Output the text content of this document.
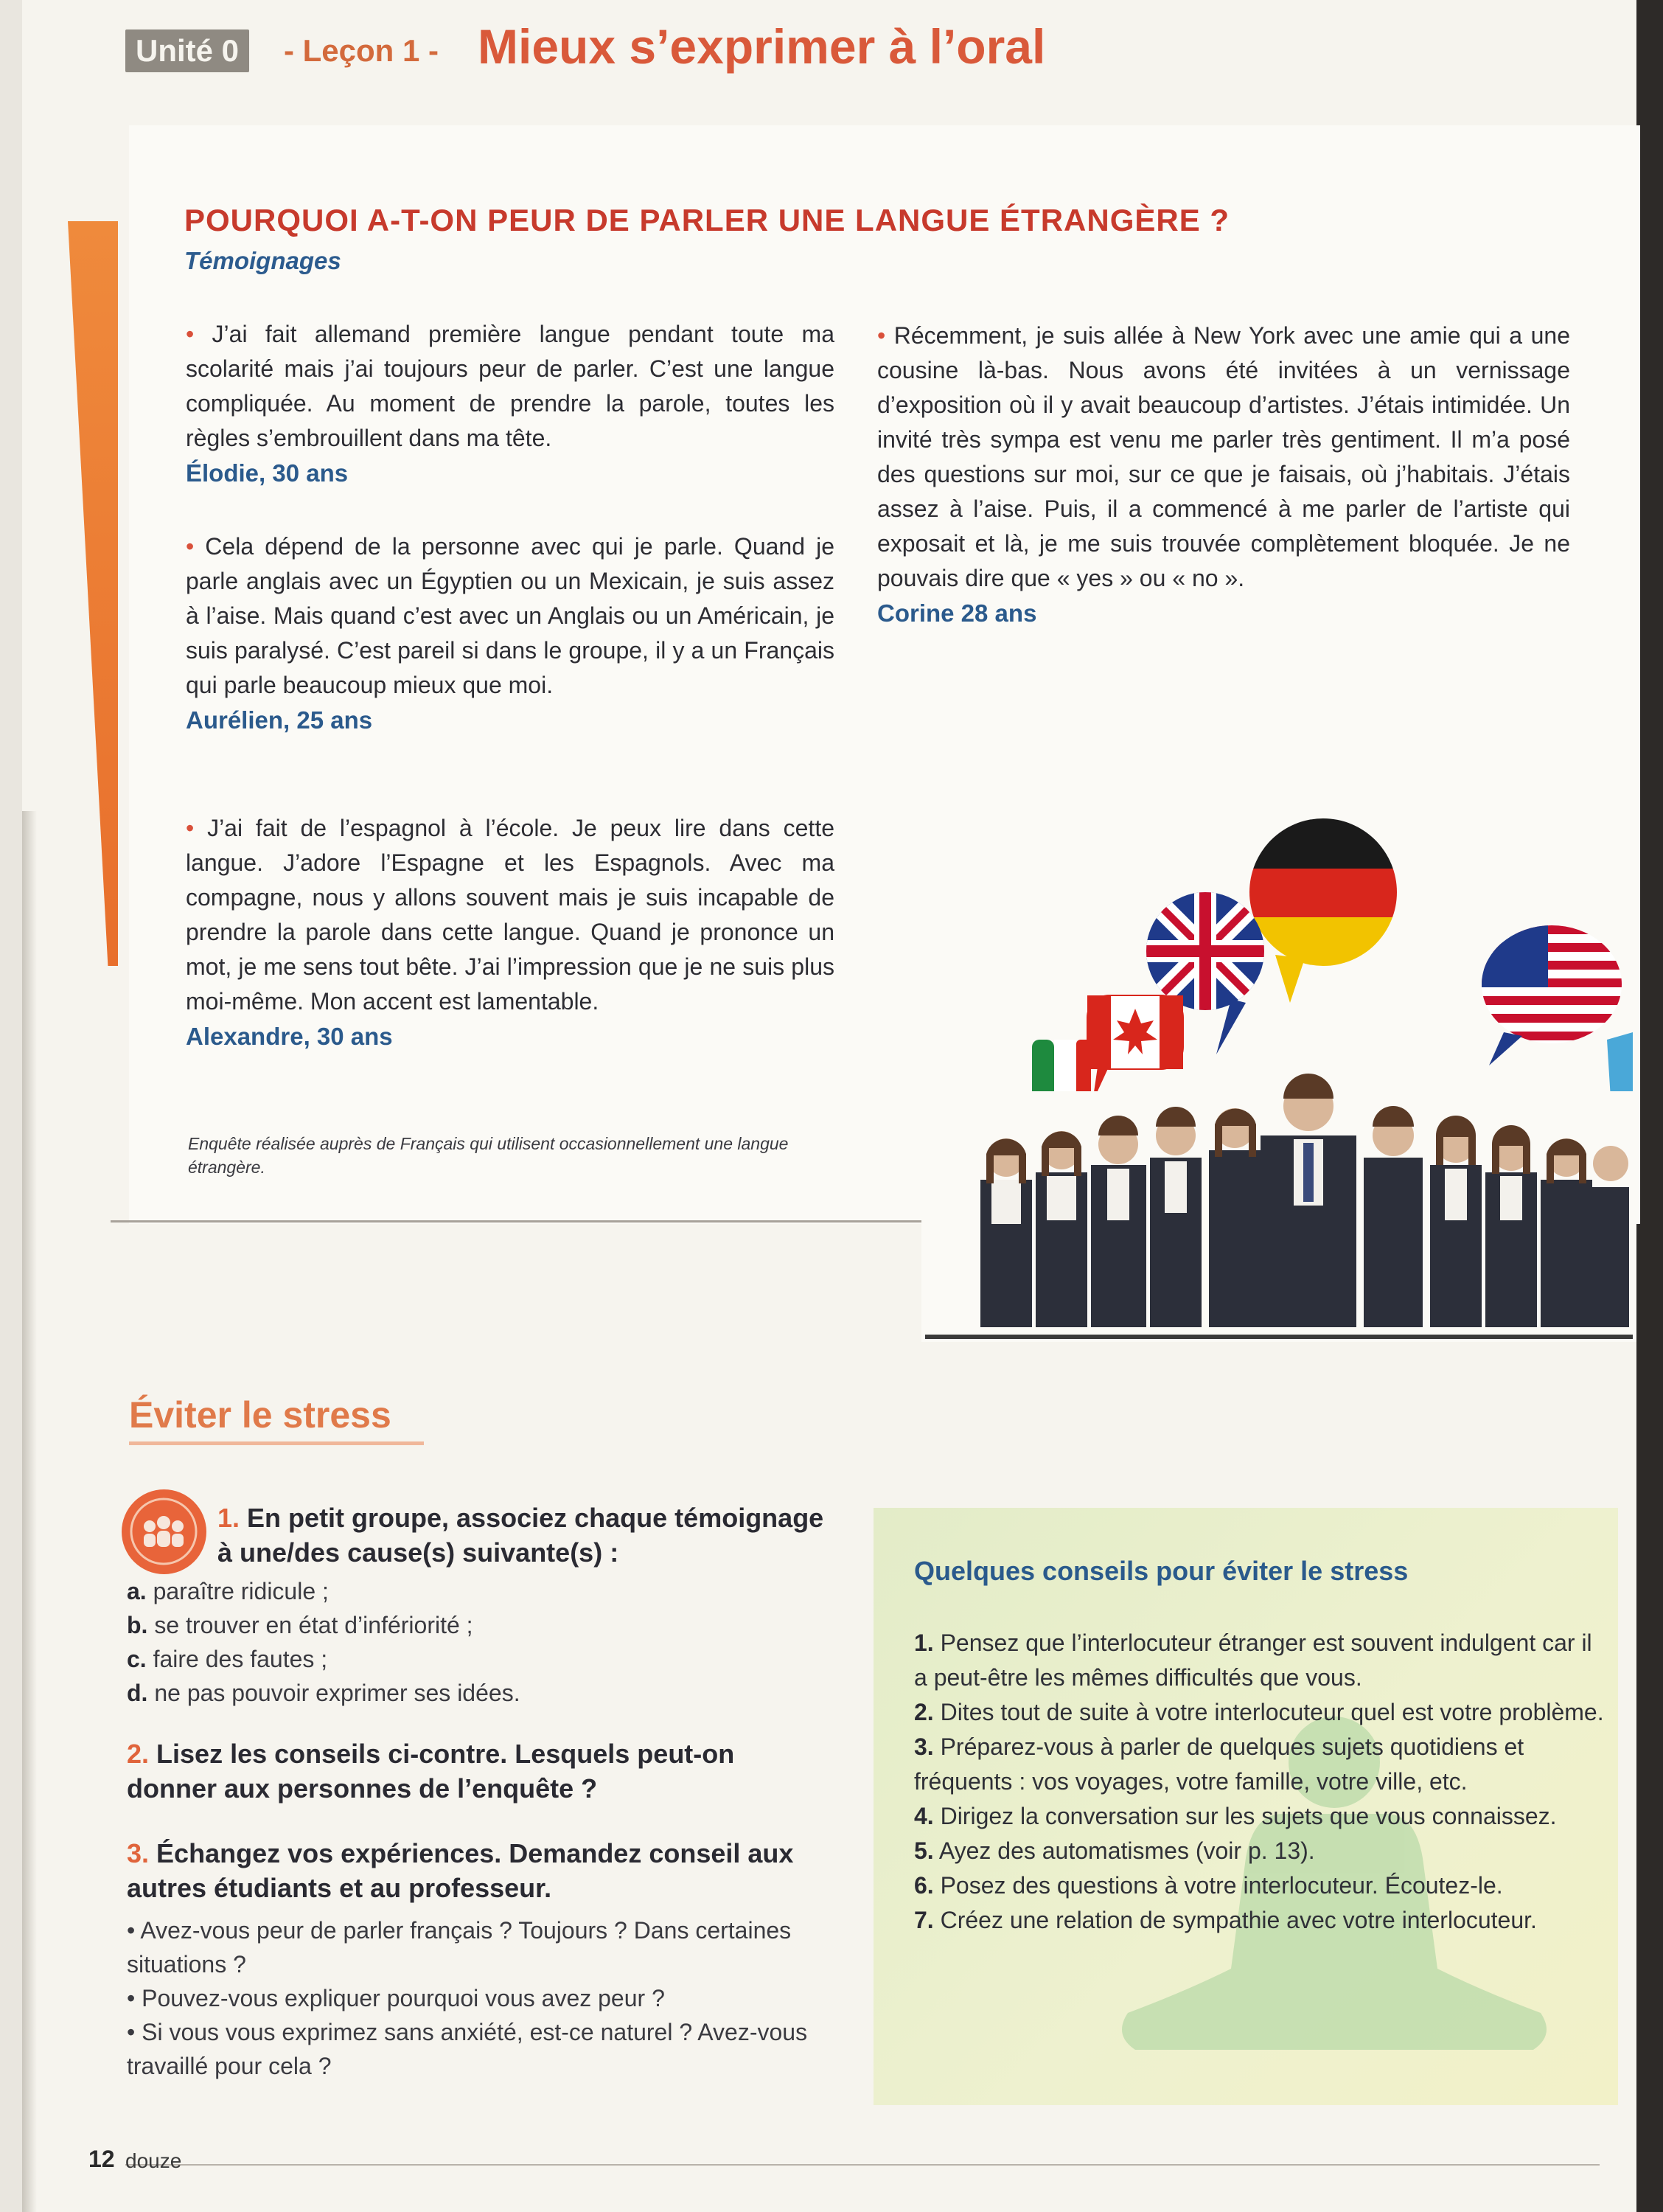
Unité 0	- Leçon 1 - Mieux s’exprimer à l’oral
POURQUOI A-T-ON PEUR DE PARLER UNE LANGUE ÉTRANGÈRE ?
Témoignages

• J’ai fait allemand première langue pendant toute ma scolarité mais j’ai toujours peur de parler. C’est une langue compliquée. Au moment de prendre la parole, toutes les règles s’embrouillent dans ma tête.

Élodie, 30 ans

• Cela dépend de la personne avec qui je parle. Quand je parle anglais avec un Égyptien ou un Mexicain, je suis assez à l’aise. Mais quand c’est avec un Anglais ou un Américain, je suis paralysé. C’est pareil si dans le groupe, il y a un Français qui parle beaucoup mieux que moi.

Aurélien, 25 ans

• J’ai fait de l’espagnol à l’école. Je peux lire dans cette langue. J’adore l’Espagne et les Espagnols. Avec ma compagne, nous y allons souvent mais je suis incapable de prendre la parole dans cette langue. Quand je prononce un mot, je me sens tout bête. J’ai l’impression que je ne suis plus moi-même. Mon accent est lamentable.

Alexandre, 30 ans

• Récemment, je suis allée à New York avec une amie qui a une cousine là-bas. Nous avons été invitées à un vernissage d’exposition où il y avait beaucoup d’artistes. J’étais intimidée. Un invité très sympa est venu me parler très gentiment. Il m’a posé des questions sur moi, sur ce que je faisais, où j’habitais. J’étais assez à l’aise. Puis, il a commencé à me parler de l’artiste qui exposait et là, je me suis trouvée complètement bloquée. Je ne pouvais dire que « yes » ou « no ».

Corine 28 ans
Enquête réalisée auprès de Français qui utilisent occasionnellement une langue étrangère.
Éviter le stress
1. En petit groupe, associez chaque témoignage à une/des cause(s) suivante(s) :
a. paraître ridicule ;
b. se trouver en état d’infériorité ;
c. faire des fautes ;
d. ne pas pouvoir exprimer ses idées.
2. Lisez les conseils ci-contre. Lesquels peut-on donner aux personnes de l’enquête ?
3. Échangez vos expériences. Demandez conseil aux autres étudiants et au professeur.
• Avez-vous peur de parler français ? Toujours ? Dans certaines situations ?
• Pouvez-vous expliquer pourquoi vous avez peur ?
• Si vous vous exprimez sans anxiété, est-ce naturel ? Avez-vous travaillé pour cela ?
Quelques conseils pour éviter le stress
1. Pensez que l’interlocuteur étranger est souvent indulgent car il a peut-être les mêmes difficultés que vous.
2. Dites tout de suite à votre interlocuteur quel est votre problème.
3. Préparez-vous à parler de quelques sujets quotidiens et fréquents : vos voyages, votre famille, votre ville, etc.
4. Dirigez la conversation sur les sujets que vous connaissez.
5. Ayez des automatismes (voir p. 13).
6. Posez des questions à votre interlocuteur. Écoutez-le.
7. Créez une relation de sympathie avec votre interlocuteur.
12 douze
